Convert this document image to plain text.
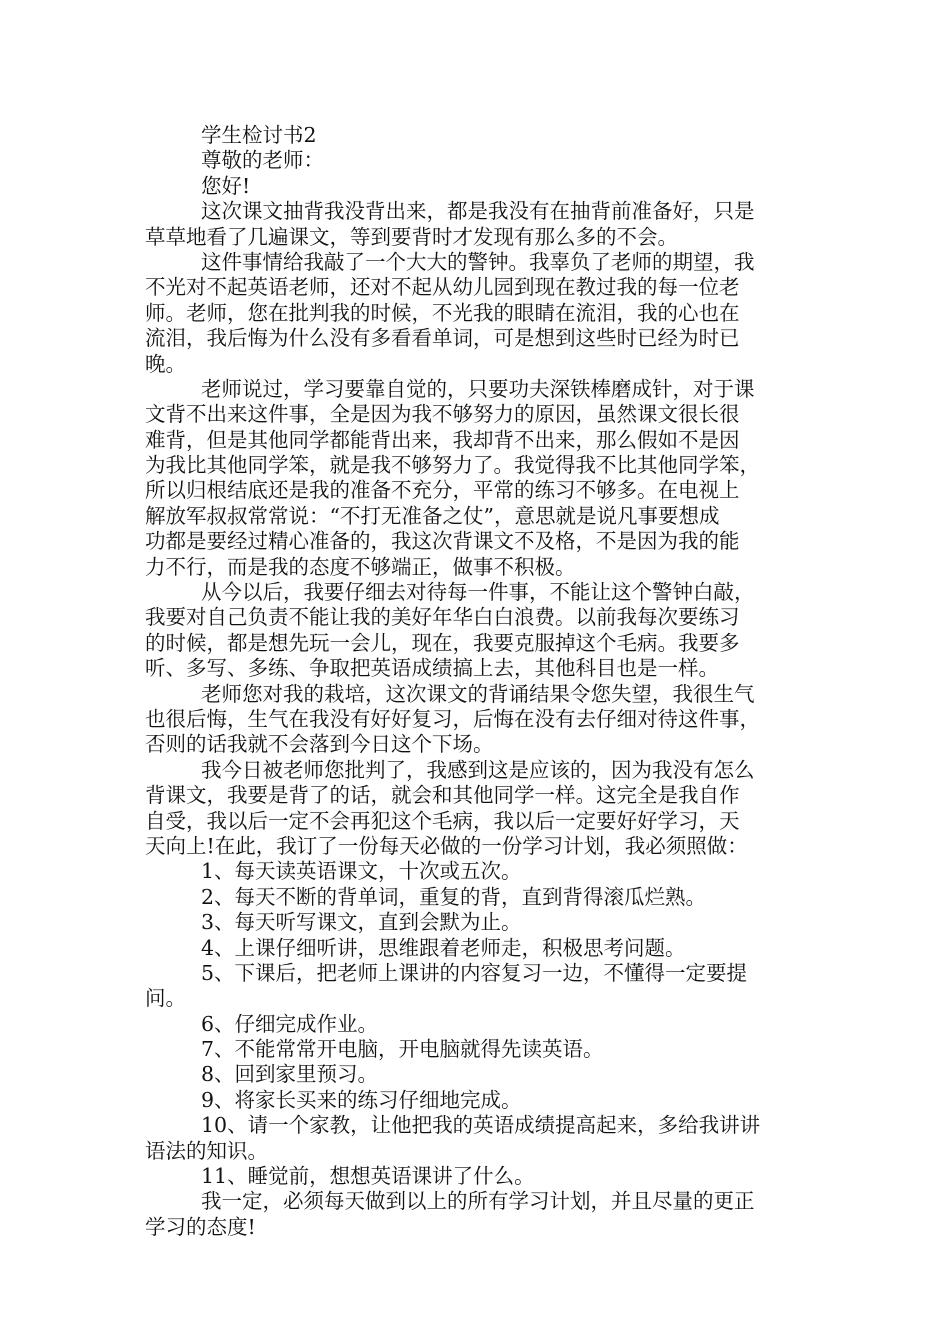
学生检讨书2
尊敬的老师：
您好!
这次课文抽背我没背出来，都是我没有在抽背前准备好，只是
草草地看了几遍课文，等到要背时才发现有那么多的不会。
这件事情给我敲了一个大大的警钟。我辜负了老师的期望，我
不光对不起英语老师，还对不起从幼儿园到现在教过我的每一位老
师。老师，您在批判我的时候，不光我的眼睛在流泪，我的心也在
流泪，我后悔为什么没有多看看单词，可是想到这些时已经为时已
晚。
老师说过，学习要靠自觉的，只要功夫深铁棒磨成针，对于课
文背不出来这件事，全是因为我不够努力的原因，虽然课文很长很
难背，但是其他同学都能背出来，我却背不出来，那么假如不是因
为我比其他同学笨，就是我不够努力了。我觉得我不比其他同学笨，
所以归根结底还是我的准备不充分，平常的练习不够多。在电视上
解放军叔叔常常说：“不打无准备之仗”，意思就是说凡事要想成
功都是要经过精心准备的，我这次背课文不及格，不是因为我的能
力不行，而是我的态度不够端正，做事不积极。
从今以后，我要仔细去对待每一件事，不能让这个警钟白敲，
我要对自己负责不能让我的美好年华白白浪费。以前我每次要练习
的时候，都是想先玩一会儿，现在，我要克服掉这个毛病。我要多
听、多写、多练、争取把英语成绩搞上去，其他科目也是一样。
老师您对我的栽培，这次课文的背诵结果令您失望，我很生气
也很后悔，生气在我没有好好复习，后悔在没有去仔细对待这件事，
否则的话我就不会落到今日这个下场。
我今日被老师您批判了，我感到这是应该的，因为我没有怎么
背课文，我要是背了的话，就会和其他同学一样。这完全是我自作
自受，我以后一定不会再犯这个毛病，我以后一定要好好学习，天
天向上!在此，我订了一份每天必做的一份学习计划，我必须照做：
1、每天读英语课文，十次或五次。
2、每天不断的背单词，重复的背，直到背得滚瓜烂熟。
3、每天听写课文，直到会默为止。
4、上课仔细听讲，思维跟着老师走，积极思考问题。
5、下课后，把老师上课讲的内容复习一边，不懂得一定要提
问。
6、仔细完成作业。
7、不能常常开电脑，开电脑就得先读英语。
8、回到家里预习。
9、将家长买来的练习仔细地完成。
10、请一个家教，让他把我的英语成绩提高起来，多给我讲讲
语法的知识。
11、睡觉前，想想英语课讲了什么。
我一定，必须每天做到以上的所有学习计划，并且尽量的更正
学习的态度!
